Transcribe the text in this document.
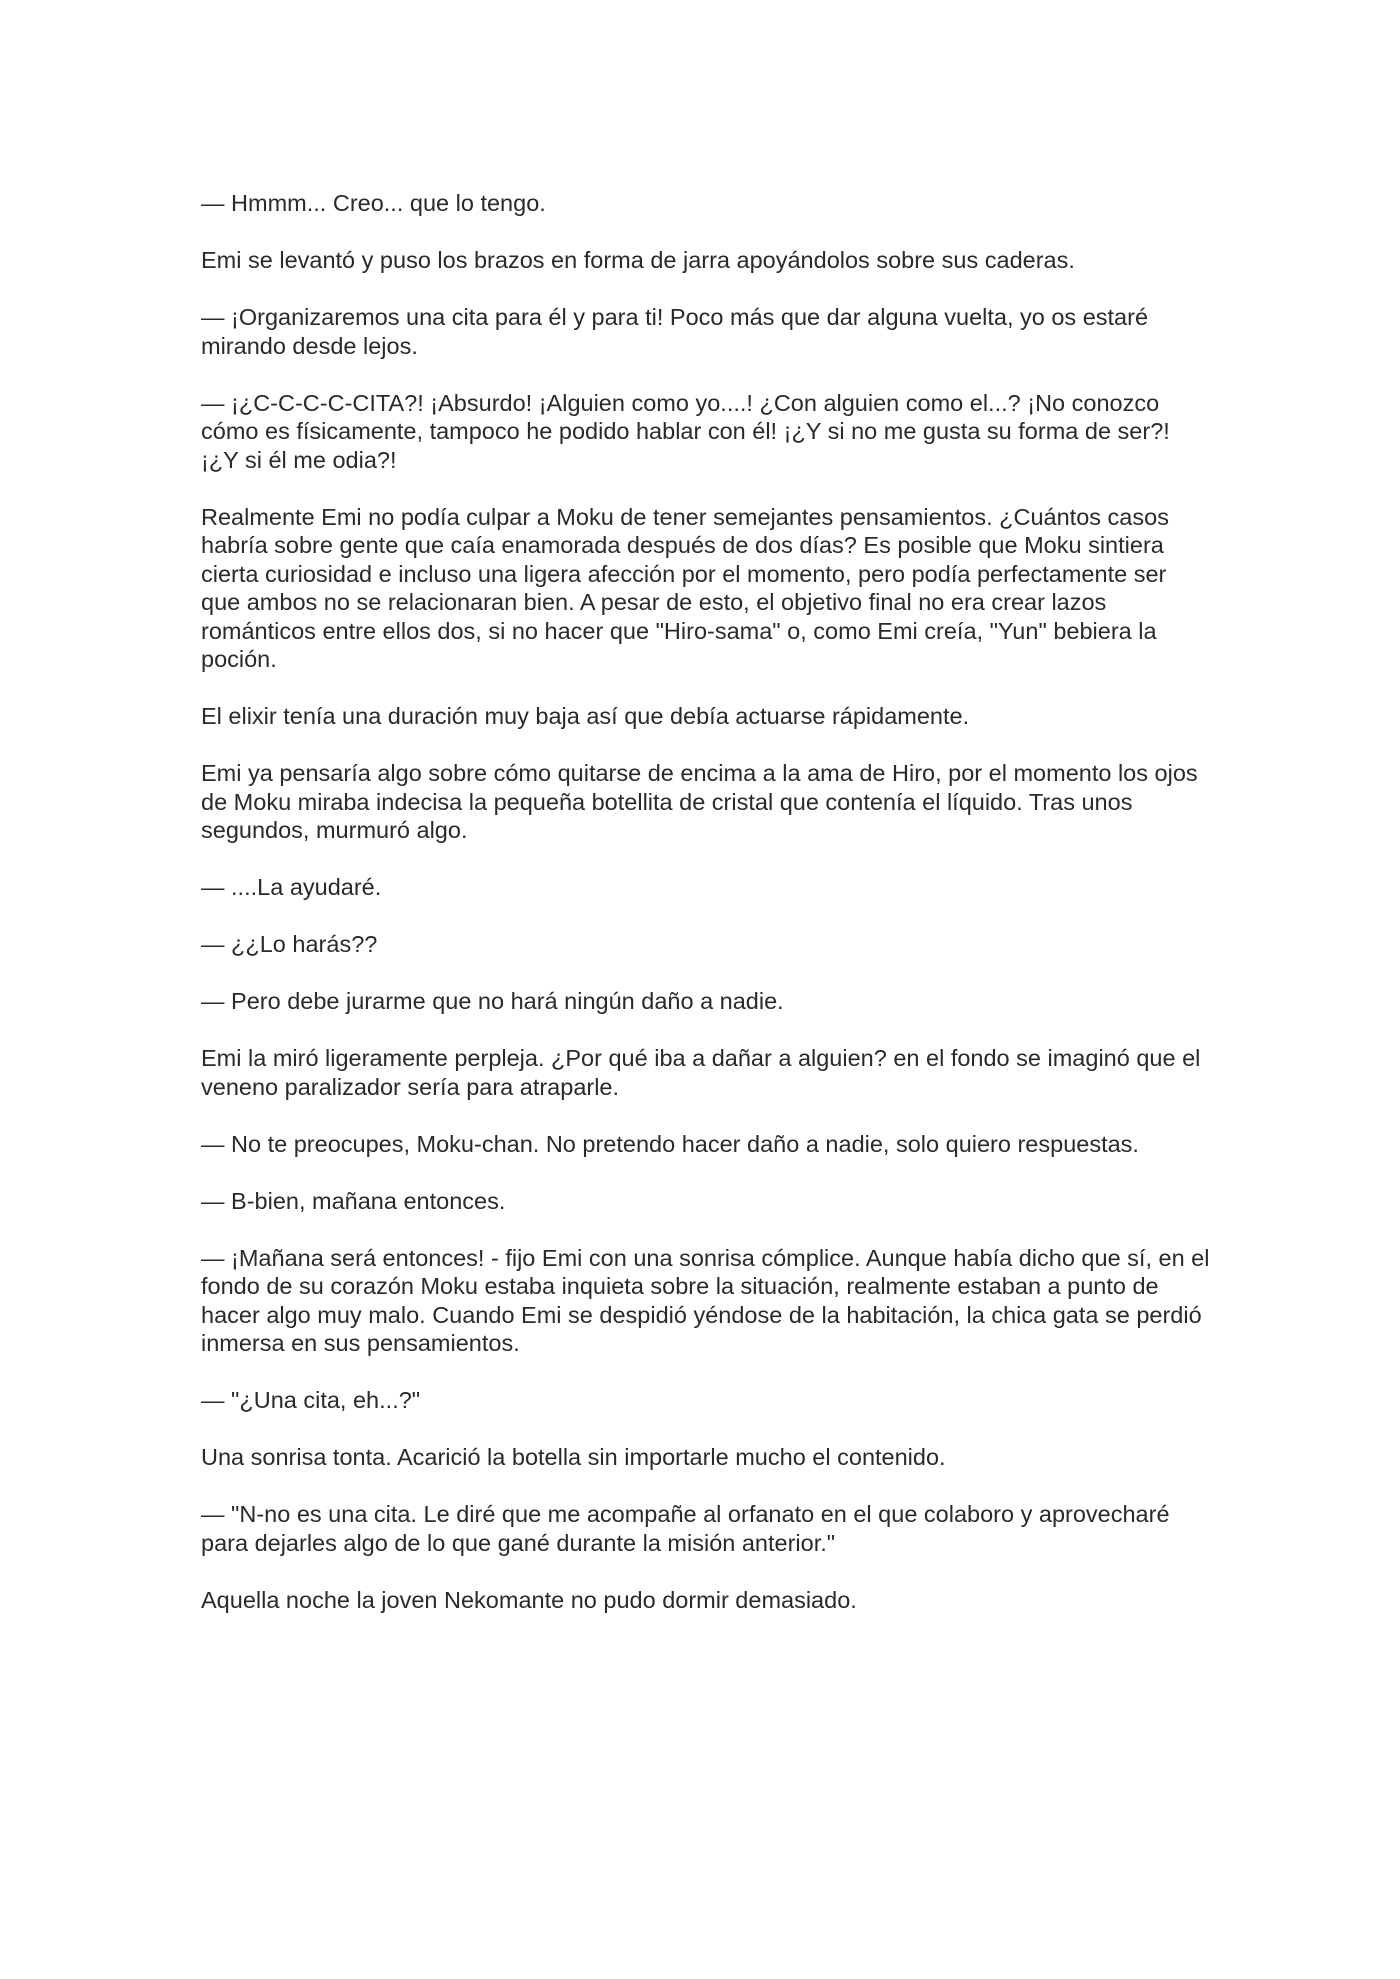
— Hmmm... Creo... que lo tengo.

Emi se levantó y puso los brazos en forma de jarra apoyándolos sobre sus caderas.

— ¡Organizaremos una cita para él y para ti! Poco más que dar alguna vuelta, yo os estaré mirando desde lejos.

— ¡¿C-C-C-C-CITA?! ¡Absurdo! ¡Alguien como yo....! ¿Con alguien como el...? ¡No conozco cómo es físicamente, tampoco he podido hablar con él! ¡¿Y si no me gusta su forma de ser?! ¡¿Y si él me odia?!

Realmente Emi no podía culpar a Moku de tener semejantes pensamientos. ¿Cuántos casos habría sobre gente que caía enamorada después de dos días? Es posible que Moku sintiera cierta curiosidad e incluso una ligera afección por el momento, pero podía perfectamente ser que ambos no se relacionaran bien. A pesar de esto, el objetivo final no era crear lazos románticos entre ellos dos, si no hacer que "Hiro-sama" o, como Emi creía, "Yun" bebiera la poción.

El elixir tenía una duración muy baja así que debía actuarse rápidamente.

Emi ya pensaría algo sobre cómo quitarse de encima a la ama de Hiro, por el momento los ojos de Moku miraba indecisa la pequeña botellita de cristal que contenía el líquido. Tras unos segundos, murmuró algo.

— ....La ayudaré.

— ¿¿Lo harás??

— Pero debe jurarme que no hará ningún daño a nadie.

Emi la miró ligeramente perpleja. ¿Por qué iba a dañar a alguien? en el fondo se imaginó que el veneno paralizador sería para atraparle.

— No te preocupes, Moku-chan. No pretendo hacer daño a nadie, solo quiero respuestas.

— B-bien, mañana entonces.

— ¡Mañana será entonces! - fijo Emi con una sonrisa cómplice. Aunque había dicho que sí, en el fondo de su corazón Moku estaba inquieta sobre la situación, realmente estaban a punto de hacer algo muy malo. Cuando Emi se despidió yéndose de la habitación, la chica gata se perdió inmersa en sus pensamientos.

— "¿Una cita, eh...?"

Una sonrisa tonta. Acarició la botella sin importarle mucho el contenido.

— "N-no es una cita. Le diré que me acompañe al orfanato en el que colaboro y aprovecharé para dejarles algo de lo que gané durante la misión anterior."

Aquella noche la joven Nekomante no pudo dormir demasiado.
